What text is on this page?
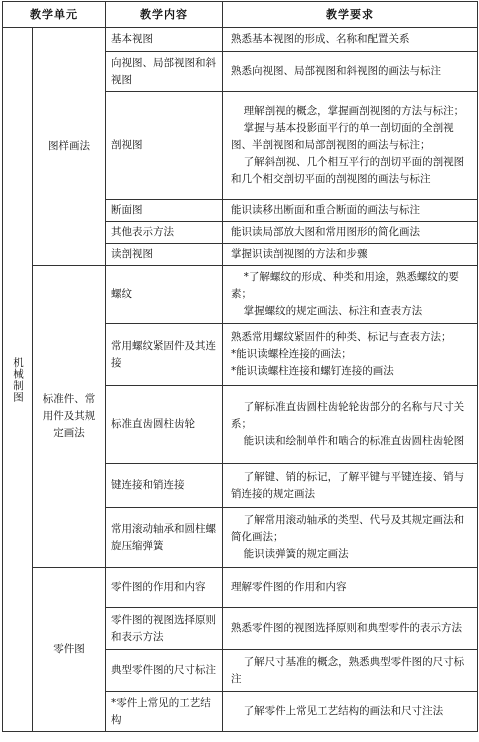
教学单元		教学内容	教学要求
机械制图	图样画法	基本视图	熟悉基本视图的形成、名称和配置关系

		向视图、局部视图和斜视图	熟悉向视图、局部视图和斜视图的画法与标注

		剖视图	理解剖视的概念，掌握画剖视图的方法与标注；
掌握与基本投影面平行的单一剖切面的全剖视图、半剖视图和局部剖视图的画法与标注；
了解斜剖视、几个相互平行的剖切平面的剖视图和几个相交剖切平面的剖视图的画法与标注

		断面图	能识读移出断面和重合断面的画法与标注

		其他表示方法	能识读局部放大图和常用图形的简化画法

		读剖视图	掌握识读剖视图的方法和步骤

	标准件、常用件及其规定画法	螺纹	*了解螺纹的形成、种类和用途，熟悉螺纹的要素；
掌握螺纹的规定画法、标注和查表方法

		常用螺纹紧固件及其连接	熟悉常用螺纹紧固件的种类、标记与查表方法；
*能识读螺栓连接的画法；
*能识读螺柱连接和螺钉连接的画法

		标准直齿圆柱齿轮	了解标准直齿圆柱齿轮轮齿部分的名称与尺寸关系；
能识读和绘制单件和啮合的标准直齿圆柱齿轮图

		键连接和销连接	了解键、销的标记，了解平键与平键连接、销与销连接的规定画法

		常用滚动轴承和圆柱螺旋压缩弹簧	了解常用滚动轴承的类型、代号及其规定画法和简化画法；
能识读弹簧的规定画法

	零件图	零件图的作用和内容	理解零件图的作用和内容

		零件图的视图选择原则和表示方法	熟悉零件图的视图选择原则和典型零件的表示方法

		典型零件图的尺寸标注	了解尺寸基准的概念，熟悉典型零件图的尺寸标注

		*零件上常见的工艺结构	了解零件上常见工艺结构的画法和尺寸注法
